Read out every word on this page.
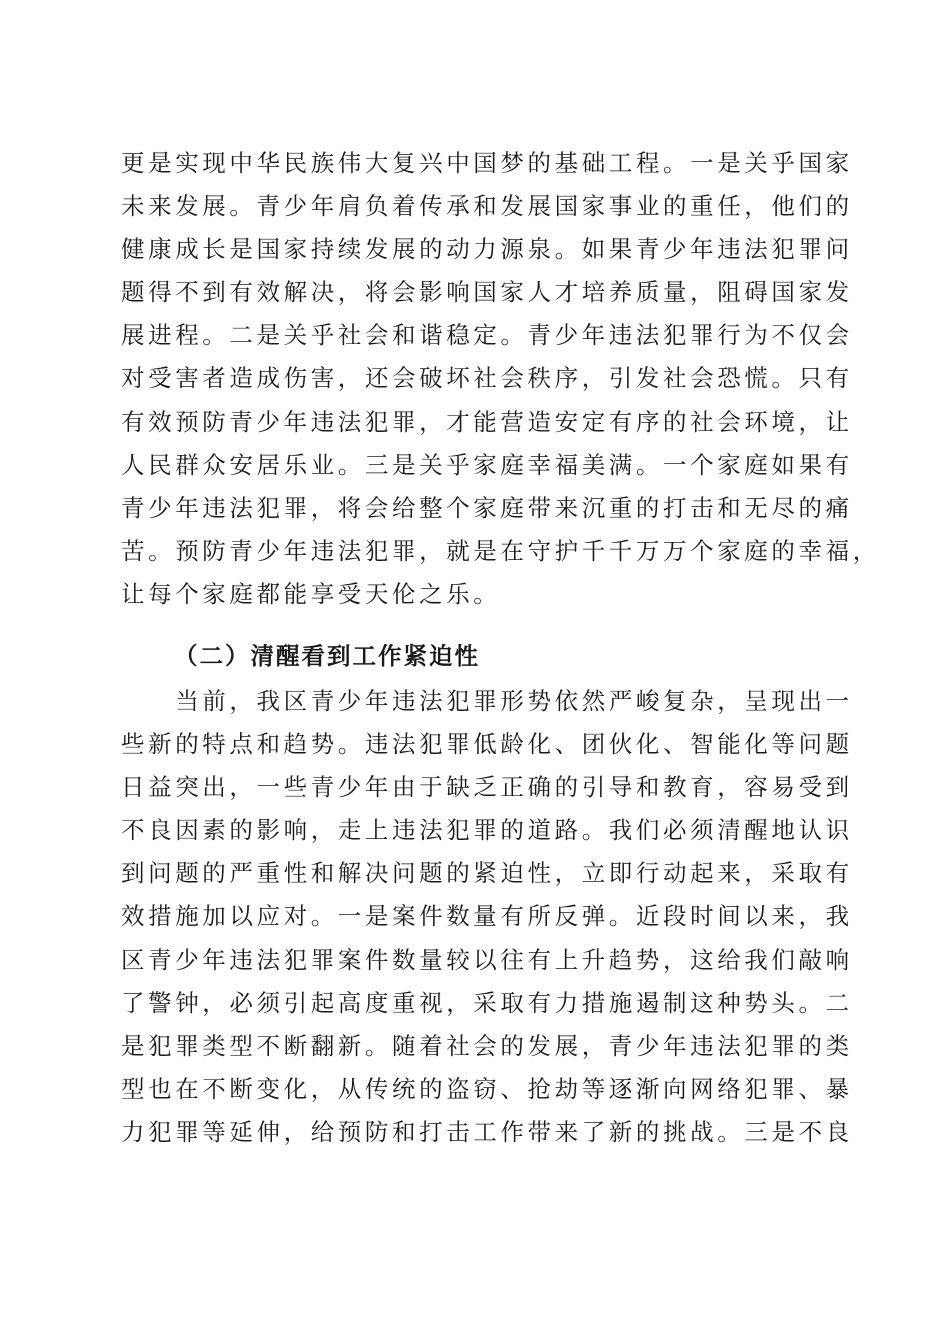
更是实现中华民族伟大复兴中国梦的基础工程。一是关乎国家
未来发展。青少年肩负着传承和发展国家事业的重任，他们的
健康成长是国家持续发展的动力源泉。如果青少年违法犯罪问
题得不到有效解决，将会影响国家人才培养质量，阻碍国家发
展进程。二是关乎社会和谐稳定。青少年违法犯罪行为不仅会
对受害者造成伤害，还会破坏社会秩序，引发社会恐慌。只有
有效预防青少年违法犯罪，才能营造安定有序的社会环境，让
人民群众安居乐业。三是关乎家庭幸福美满。一个家庭如果有
青少年违法犯罪，将会给整个家庭带来沉重的打击和无尽的痛
苦。预防青少年违法犯罪，就是在守护千千万万个家庭的幸福，
让每个家庭都能享受天伦之乐。
（二）清醒看到工作紧迫性
　　当前，我区青少年违法犯罪形势依然严峻复杂，呈现出一
些新的特点和趋势。违法犯罪低龄化、团伙化、智能化等问题
日益突出，一些青少年由于缺乏正确的引导和教育，容易受到
不良因素的影响，走上违法犯罪的道路。我们必须清醒地认识
到问题的严重性和解决问题的紧迫性，立即行动起来，采取有
效措施加以应对。一是案件数量有所反弹。近段时间以来，我
区青少年违法犯罪案件数量较以往有上升趋势，这给我们敲响
了警钟，必须引起高度重视，采取有力措施遏制这种势头。二
是犯罪类型不断翻新。随着社会的发展，青少年违法犯罪的类
型也在不断变化，从传统的盗窃、抢劫等逐渐向网络犯罪、暴
力犯罪等延伸，给预防和打击工作带来了新的挑战。三是不良
